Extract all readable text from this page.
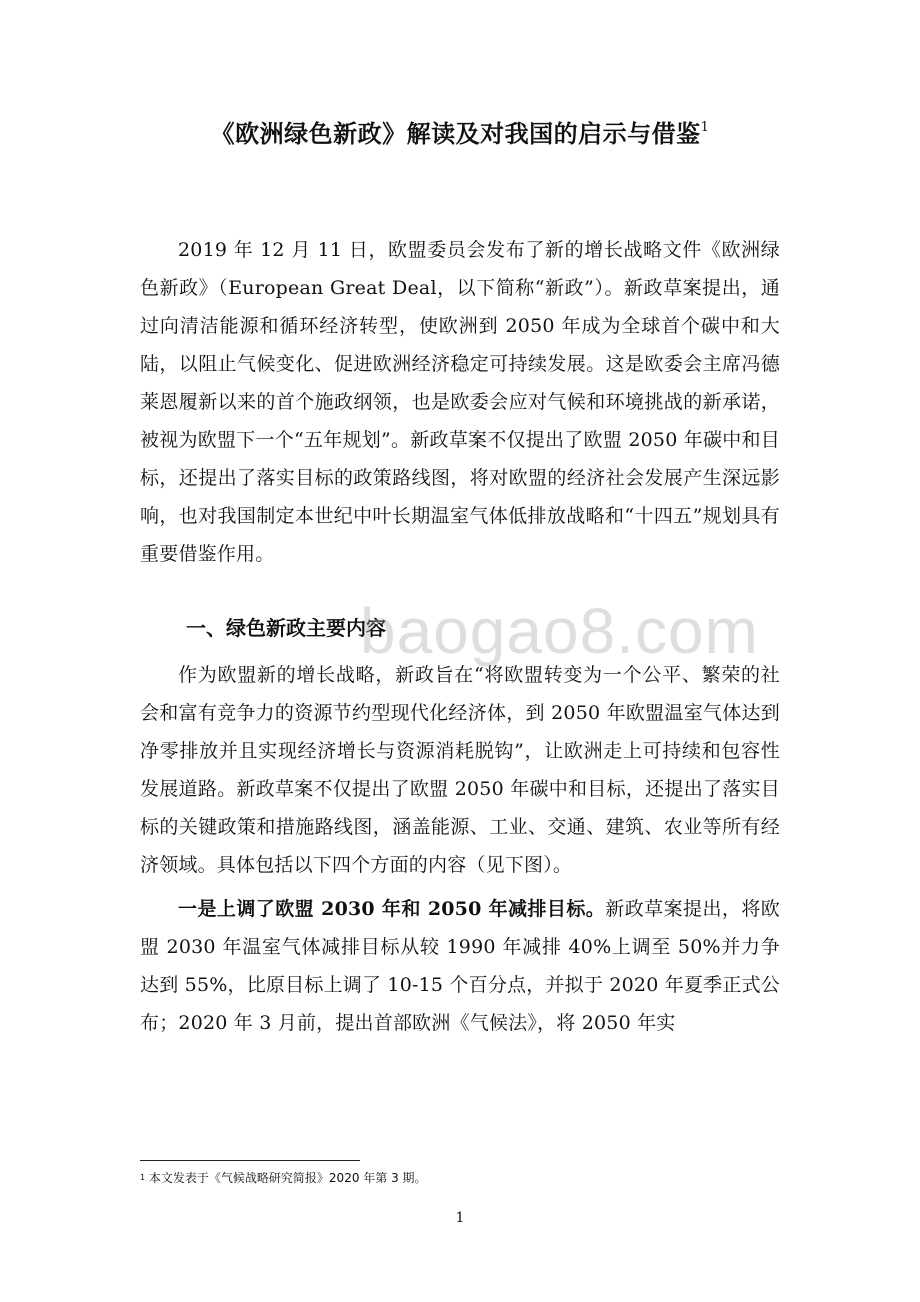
《欧洲绿色新政》解读及对我国的启示与借鉴$^1$

2019 年 12 月 11 日，欧盟委员会发布了新的增长战略文件《欧洲绿色新政》（European Great Deal，以下简称“新政”）。新政草案提出，通过向清洁能源和循环经济转型，使欧洲到 2050 年成为全球首个碳中和大陆，以阻止气候变化、促进欧洲经济稳定可持续发展。这是欧委会主席冯德莱恩履新以来的首个施政纲领，也是欧委会应对气候和环境挑战的新承诺，被视为欧盟下一个“五年规划”。新政草案不仅提出了欧盟 2050 年碳中和目标，还提出了落实目标的政策路线图，将对欧盟的经济社会发展产生深远影响，也对我国制定本世纪中叶长期温室气体低排放战略和“十四五”规划具有重要借鉴作用。

一、绿色新政主要内容
baogao8.com

作为欧盟新的增长战略，新政旨在“将欧盟转变为一个公平、繁荣的社会和富有竞争力的资源节约型现代化经济体，到 2050 年欧盟温室气体达到净零排放并且实现经济增长与资源消耗脱钩”，让欧洲走上可持续和包容性发展道路。新政草案不仅提出了欧盟 2050 年碳中和目标，还提出了落实目标的关键政策和措施路线图，涵盖能源、工业、交通、建筑、农业等所有经济领域。具体包括以下四个方面的内容（见下图）。

一是上调了欧盟 2030 年和 2050 年减排目标。新政草案提出，将欧盟 2030 年温室气体减排目标从较 1990 年减排 40%上调至 50%并力争达到 55%，比原目标上调了 10-15 个百分点，并拟于 2020 年夏季正式公布；2020 年 3 月前，提出首部欧洲《气候法》，将 2050 年实

$^1$ 本文发表于《气候战略研究简报》2020 年第 3 期。
1
